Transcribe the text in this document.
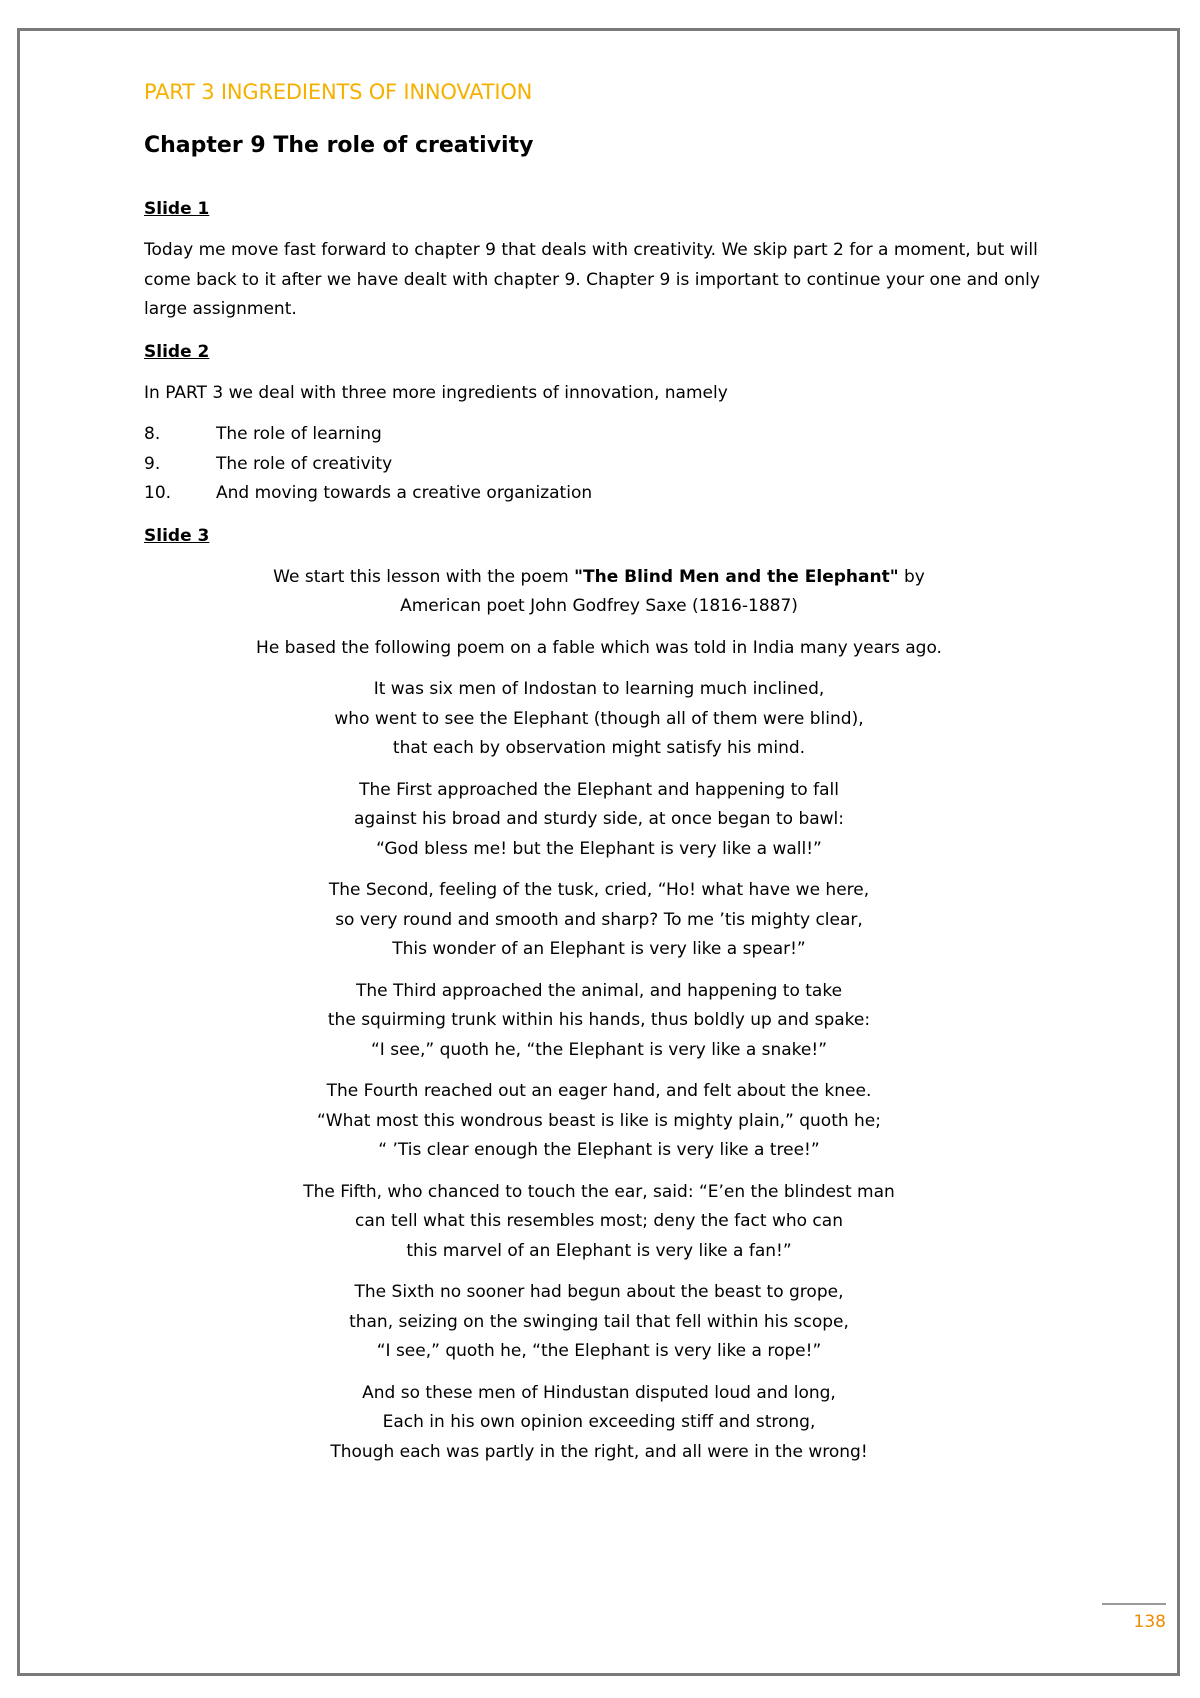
PART 3 INGREDIENTS OF INNOVATION
Chapter 9 The role of creativity

Slide 1

Today me move fast forward to chapter 9 that deals with creativity. We skip part 2 for a moment, but will come back to it after we have dealt with chapter 9. Chapter 9 is important to continue your one and only large assignment.

Slide 2

In PART 3 we deal with three more ingredients of innovation, namely

8.	The role of learning
9.	The role of creativity
10.	And moving towards a creative organization

Slide 3

We start this lesson with the poem "The Blind Men and the Elephant" by American poet John Godfrey Saxe (1816-1887)

He based the following poem on a fable which was told in India many years ago.

It was six men of Indostan to learning much inclined,
who went to see the Elephant (though all of them were blind),
that each by observation might satisfy his mind.

The First approached the Elephant and happening to fall
against his broad and sturdy side, at once began to bawl:
“God bless me! but the Elephant is very like a wall!”

The Second, feeling of the tusk, cried, “Ho! what have we here,
so very round and smooth and sharp? To me ’tis mighty clear,
This wonder of an Elephant is very like a spear!”

The Third approached the animal, and happening to take
the squirming trunk within his hands, thus boldly up and spake:
“I see,” quoth he, “the Elephant is very like a snake!”

The Fourth reached out an eager hand, and felt about the knee.
“What most this wondrous beast is like is mighty plain,” quoth he;
“ ’Tis clear enough the Elephant is very like a tree!”

The Fifth, who chanced to touch the ear, said: “E’en the blindest man
can tell what this resembles most; deny the fact who can
this marvel of an Elephant is very like a fan!”

The Sixth no sooner had begun about the beast to grope,
than, seizing on the swinging tail that fell within his scope,
“I see,” quoth he, “the Elephant is very like a rope!”

And so these men of Hindustan disputed loud and long,
Each in his own opinion exceeding stiff and strong,
Though each was partly in the right, and all were in the wrong!

138
